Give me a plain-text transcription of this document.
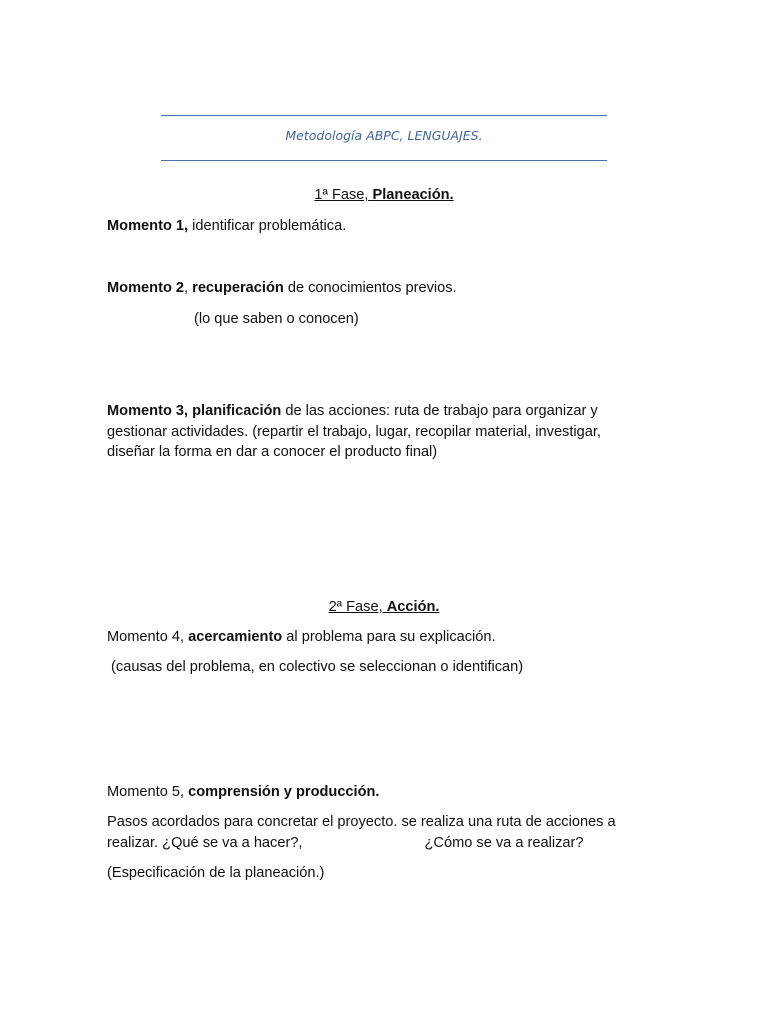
Metodología ABPC, LENGUAJES.

1ª Fase, Planeación.

Momento 1, identificar problemática.

Momento 2, recuperación de conocimientos previos.

(lo que saben o conocen)

Momento 3, planificación de las acciones: ruta de trabajo para organizar y gestionar actividades. (repartir el trabajo, lugar, recopilar material, investigar, diseñar la forma en dar a conocer el producto final)

2ª Fase, Acción.

Momento 4, acercamiento al problema para su explicación.

(causas del problema, en colectivo se seleccionan o identifican)

Momento 5, comprensión y producción.

Pasos acordados para concretar el proyecto. se realiza una ruta de acciones a realizar. ¿Qué se va a hacer?,	¿Cómo se va a realizar?

(Especificación de la planeación.)
